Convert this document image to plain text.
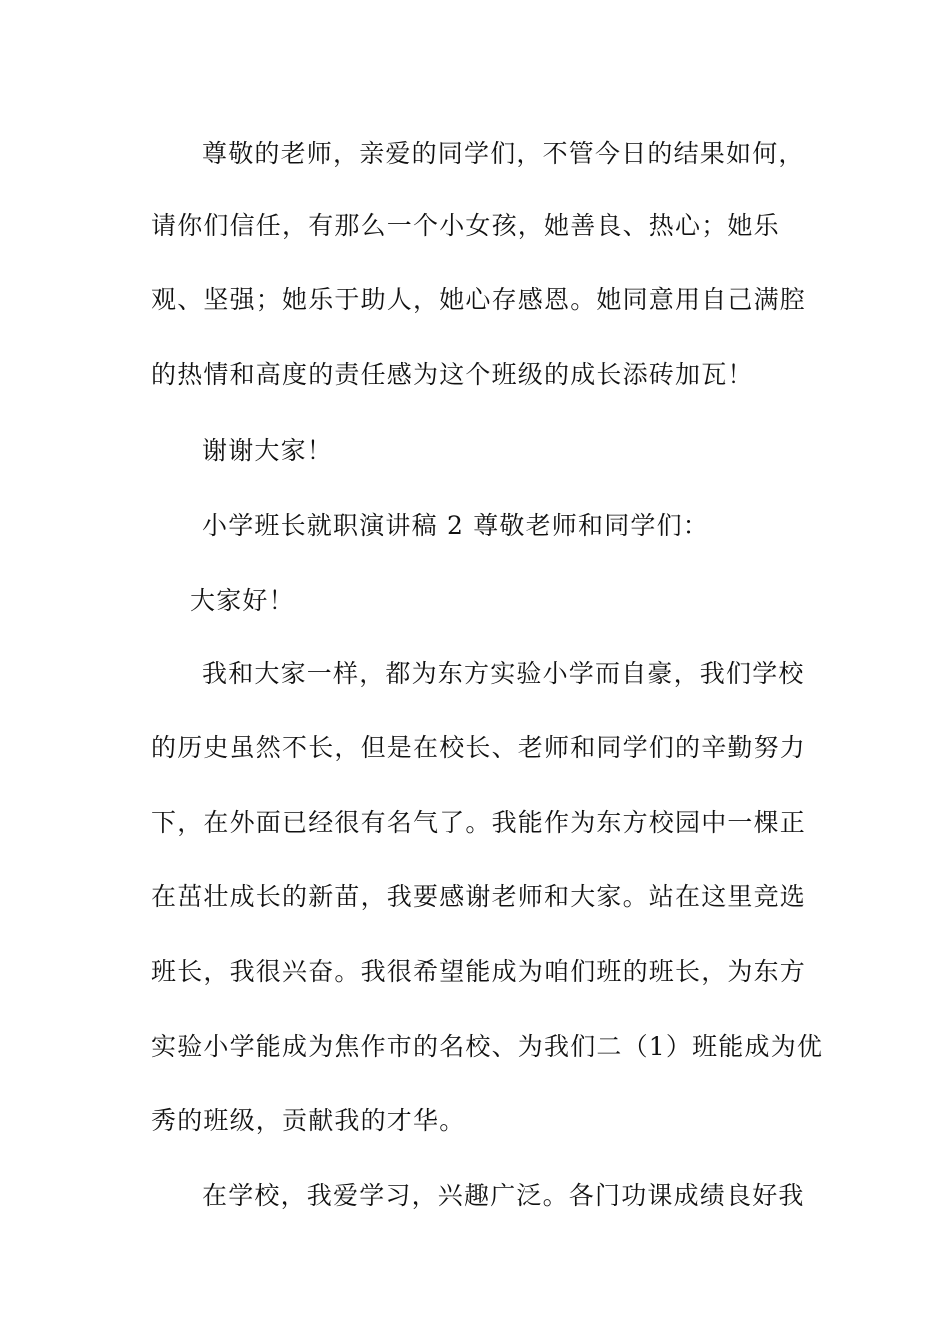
尊敬的老师，亲爱的同学们，不管今日的结果如何，
请你们信任，有那么一个小女孩，她善良、热心；她乐
观、坚强；她乐于助人，她心存感恩。她同意用自己满腔
的热情和高度的责任感为这个班级的成长添砖加瓦！
谢谢大家！
小学班长就职演讲稿 2 尊敬老师和同学们：
大家好！
我和大家一样，都为东方实验小学而自豪，我们学校
的历史虽然不长，但是在校长、老师和同学们的辛勤努力
下，在外面已经很有名气了。我能作为东方校园中一棵正
在茁壮成长的新苗，我要感谢老师和大家。站在这里竞选
班长，我很兴奋。我很希望能成为咱们班的班长，为东方
实验小学能成为焦作市的名校、为我们二（1）班能成为优
秀的班级，贡献我的才华。
在学校，我爱学习，兴趣广泛。各门功课成绩良好我
